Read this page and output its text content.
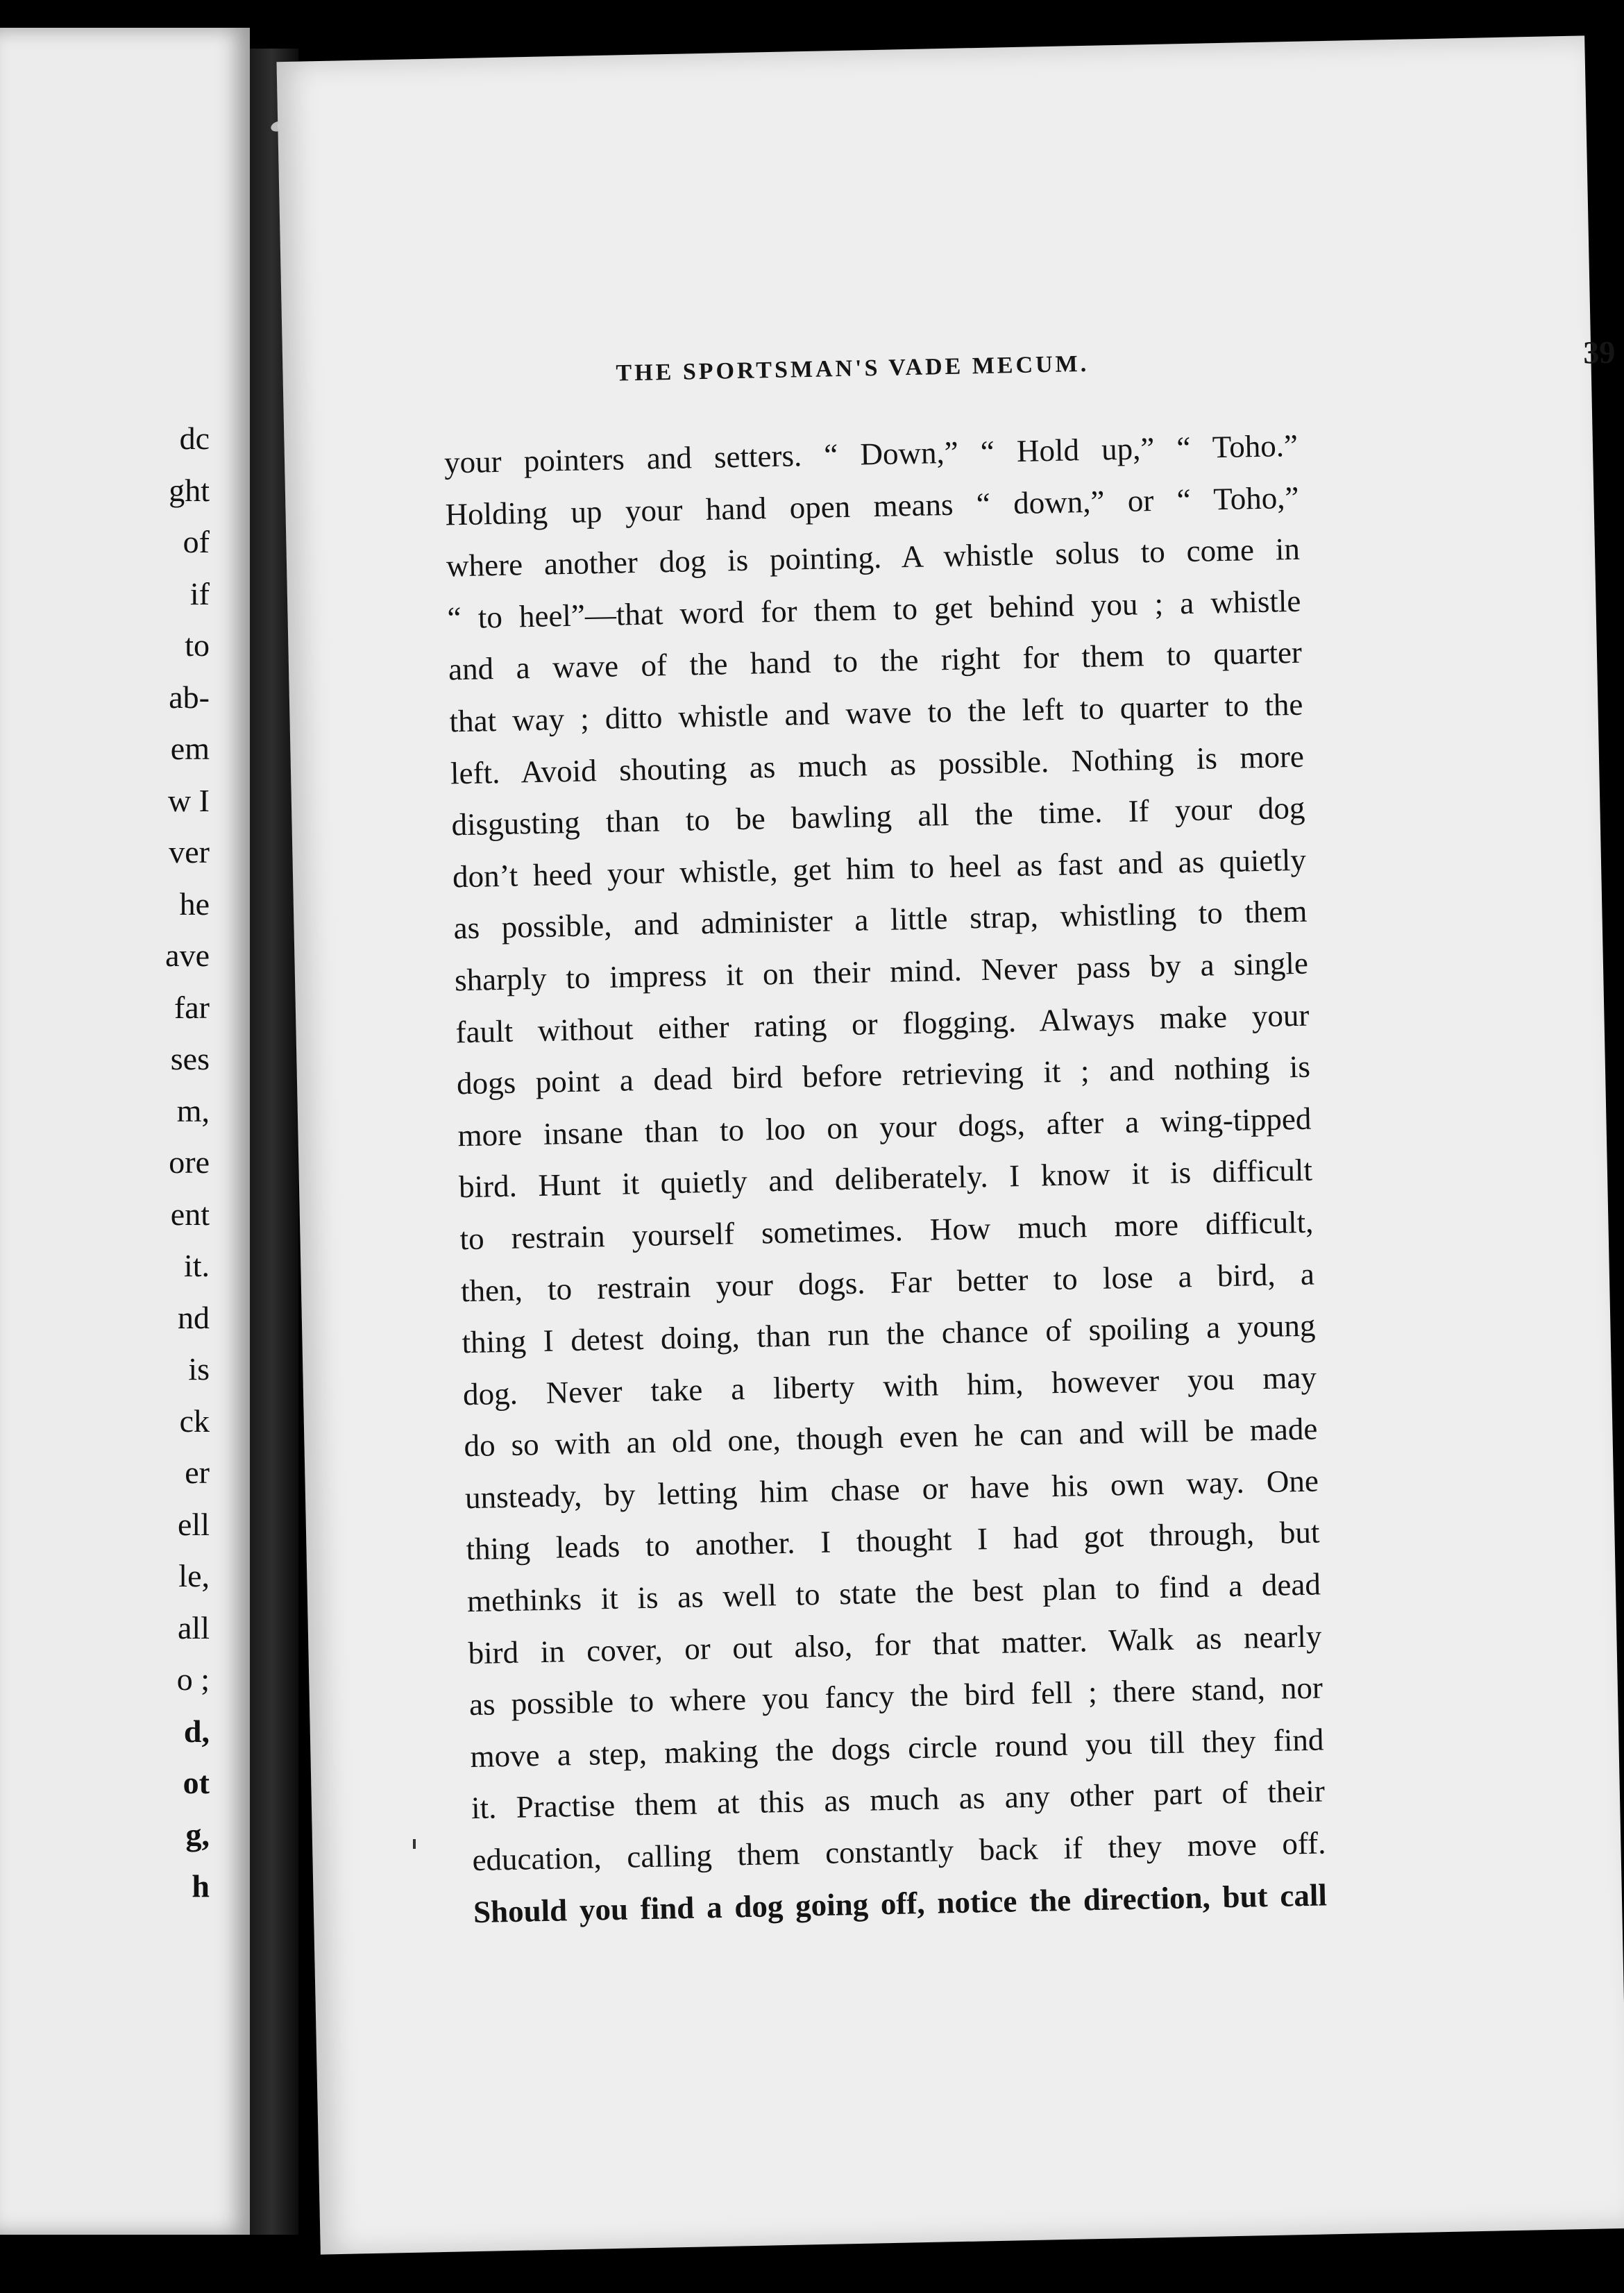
dc
ght
of
if
to
ab-
em
w I
ver
he
ave
far
ses
m,
ore
ent
it.
nd
is
ck
er
ell
le,
all
o ;
d,
ot
g,
h
THE SPORTSMAN'S VADE MECUM.	39
your pointers and setters. “ Down,” “ Hold up,” “ Toho.”
Holding up your hand open means “ down,” or “ Toho,”
where another dog is pointing. A whistle solus to come in
“ to heel”—that word for them to get behind you ; a whistle
and a wave of the hand to the right for them to quarter
that way ; ditto whistle and wave to the left to quarter to the
left. Avoid shouting as much as possible. Nothing is more
disgusting than to be bawling all the time. If your dog
don’t heed your whistle, get him to heel as fast and as quietly
as possible, and administer a little strap, whistling to them
sharply to impress it on their mind. Never pass by a single
fault without either rating or flogging. Always make your
dogs point a dead bird before retrieving it ; and nothing is
more insane than to loo on your dogs, after a wing-tipped
bird. Hunt it quietly and deliberately. I know it is difficult
to restrain yourself sometimes. How much more difficult,
then, to restrain your dogs. Far better to lose a bird, a
thing I detest doing, than run the chance of spoiling a young
dog. Never take a liberty with him, however you may
do so with an old one, though even he can and will be made
unsteady, by letting him chase or have his own way. One
thing leads to another. I thought I had got through, but
methinks it is as well to state the best plan to find a dead
bird in cover, or out also, for that matter. Walk as nearly
as possible to where you fancy the bird fell ; there stand, nor
move a step, making the dogs circle round you till they find
it. Practise them at this as much as any other part of their
education, calling them constantly back if they move off.
Should you find a dog going off, notice the direction, but call
